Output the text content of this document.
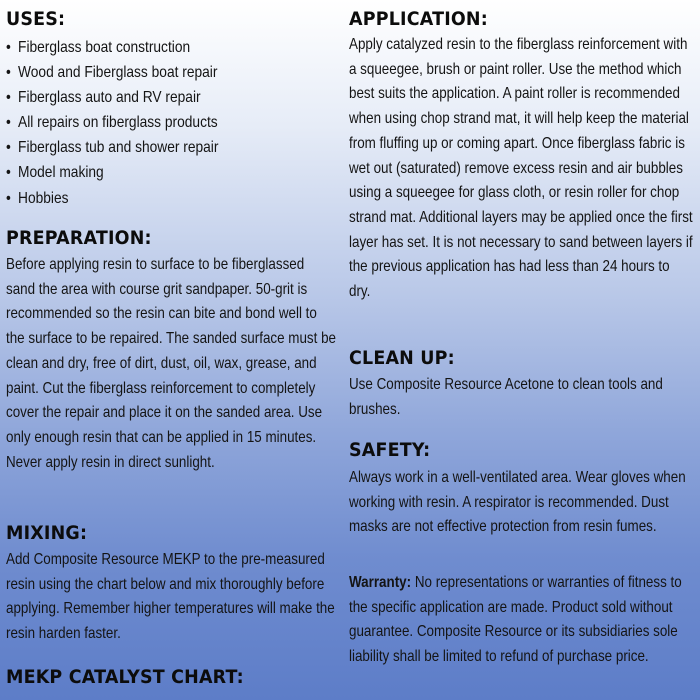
USES:
• Fiberglass boat construction
• Wood and Fiberglass boat repair
• Fiberglass auto and RV repair
• All repairs on fiberglass products
• Fiberglass tub and shower repair
• Model making
• Hobbies
PREPARATION:

Before applying resin to surface to be fiberglassed sand the area with course grit sandpaper. 50-grit is recommended so the resin can bite and bond well to the surface to be repaired. The sanded surface must be clean and dry, free of dirt, dust, oil, wax, grease, and paint. Cut the fiberglass reinforcement to completely cover the repair and place it on the sanded area. Use only enough resin that can be applied in 15 minutes. Never apply resin in direct sunlight.

MIXING:

Add Composite Resource MEKP to the pre-measured resin using the chart below and mix thoroughly before applying. Remember higher temperatures will make the resin harden faster.

MEKP CATALYST CHART:
APPLICATION:

Apply catalyzed resin to the fiberglass reinforcement with a squeegee, brush or paint roller. Use the method which best suits the application. A paint roller is recommended when using chop strand mat, it will help keep the material from fluffing up or coming apart. Once fiberglass fabric is wet out (saturated) remove excess resin and air bubbles using a squeegee for glass cloth, or resin roller for chop strand mat. Additional layers may be applied once the first layer has set. It is not necessary to sand between layers if the previous application has had less than 24 hours to dry.

CLEAN UP:

Use Composite Resource Acetone to clean tools and brushes.

SAFETY:

Always work in a well-ventilated area. Wear gloves when working with resin. A respirator is recommended. Dust masks are not effective protection from resin fumes.

Warranty: No representations or warranties of fitness to the specific application are made. Product sold without guarantee. Composite Resource or its subsidiaries sole liability shall be limited to refund of purchase price.
